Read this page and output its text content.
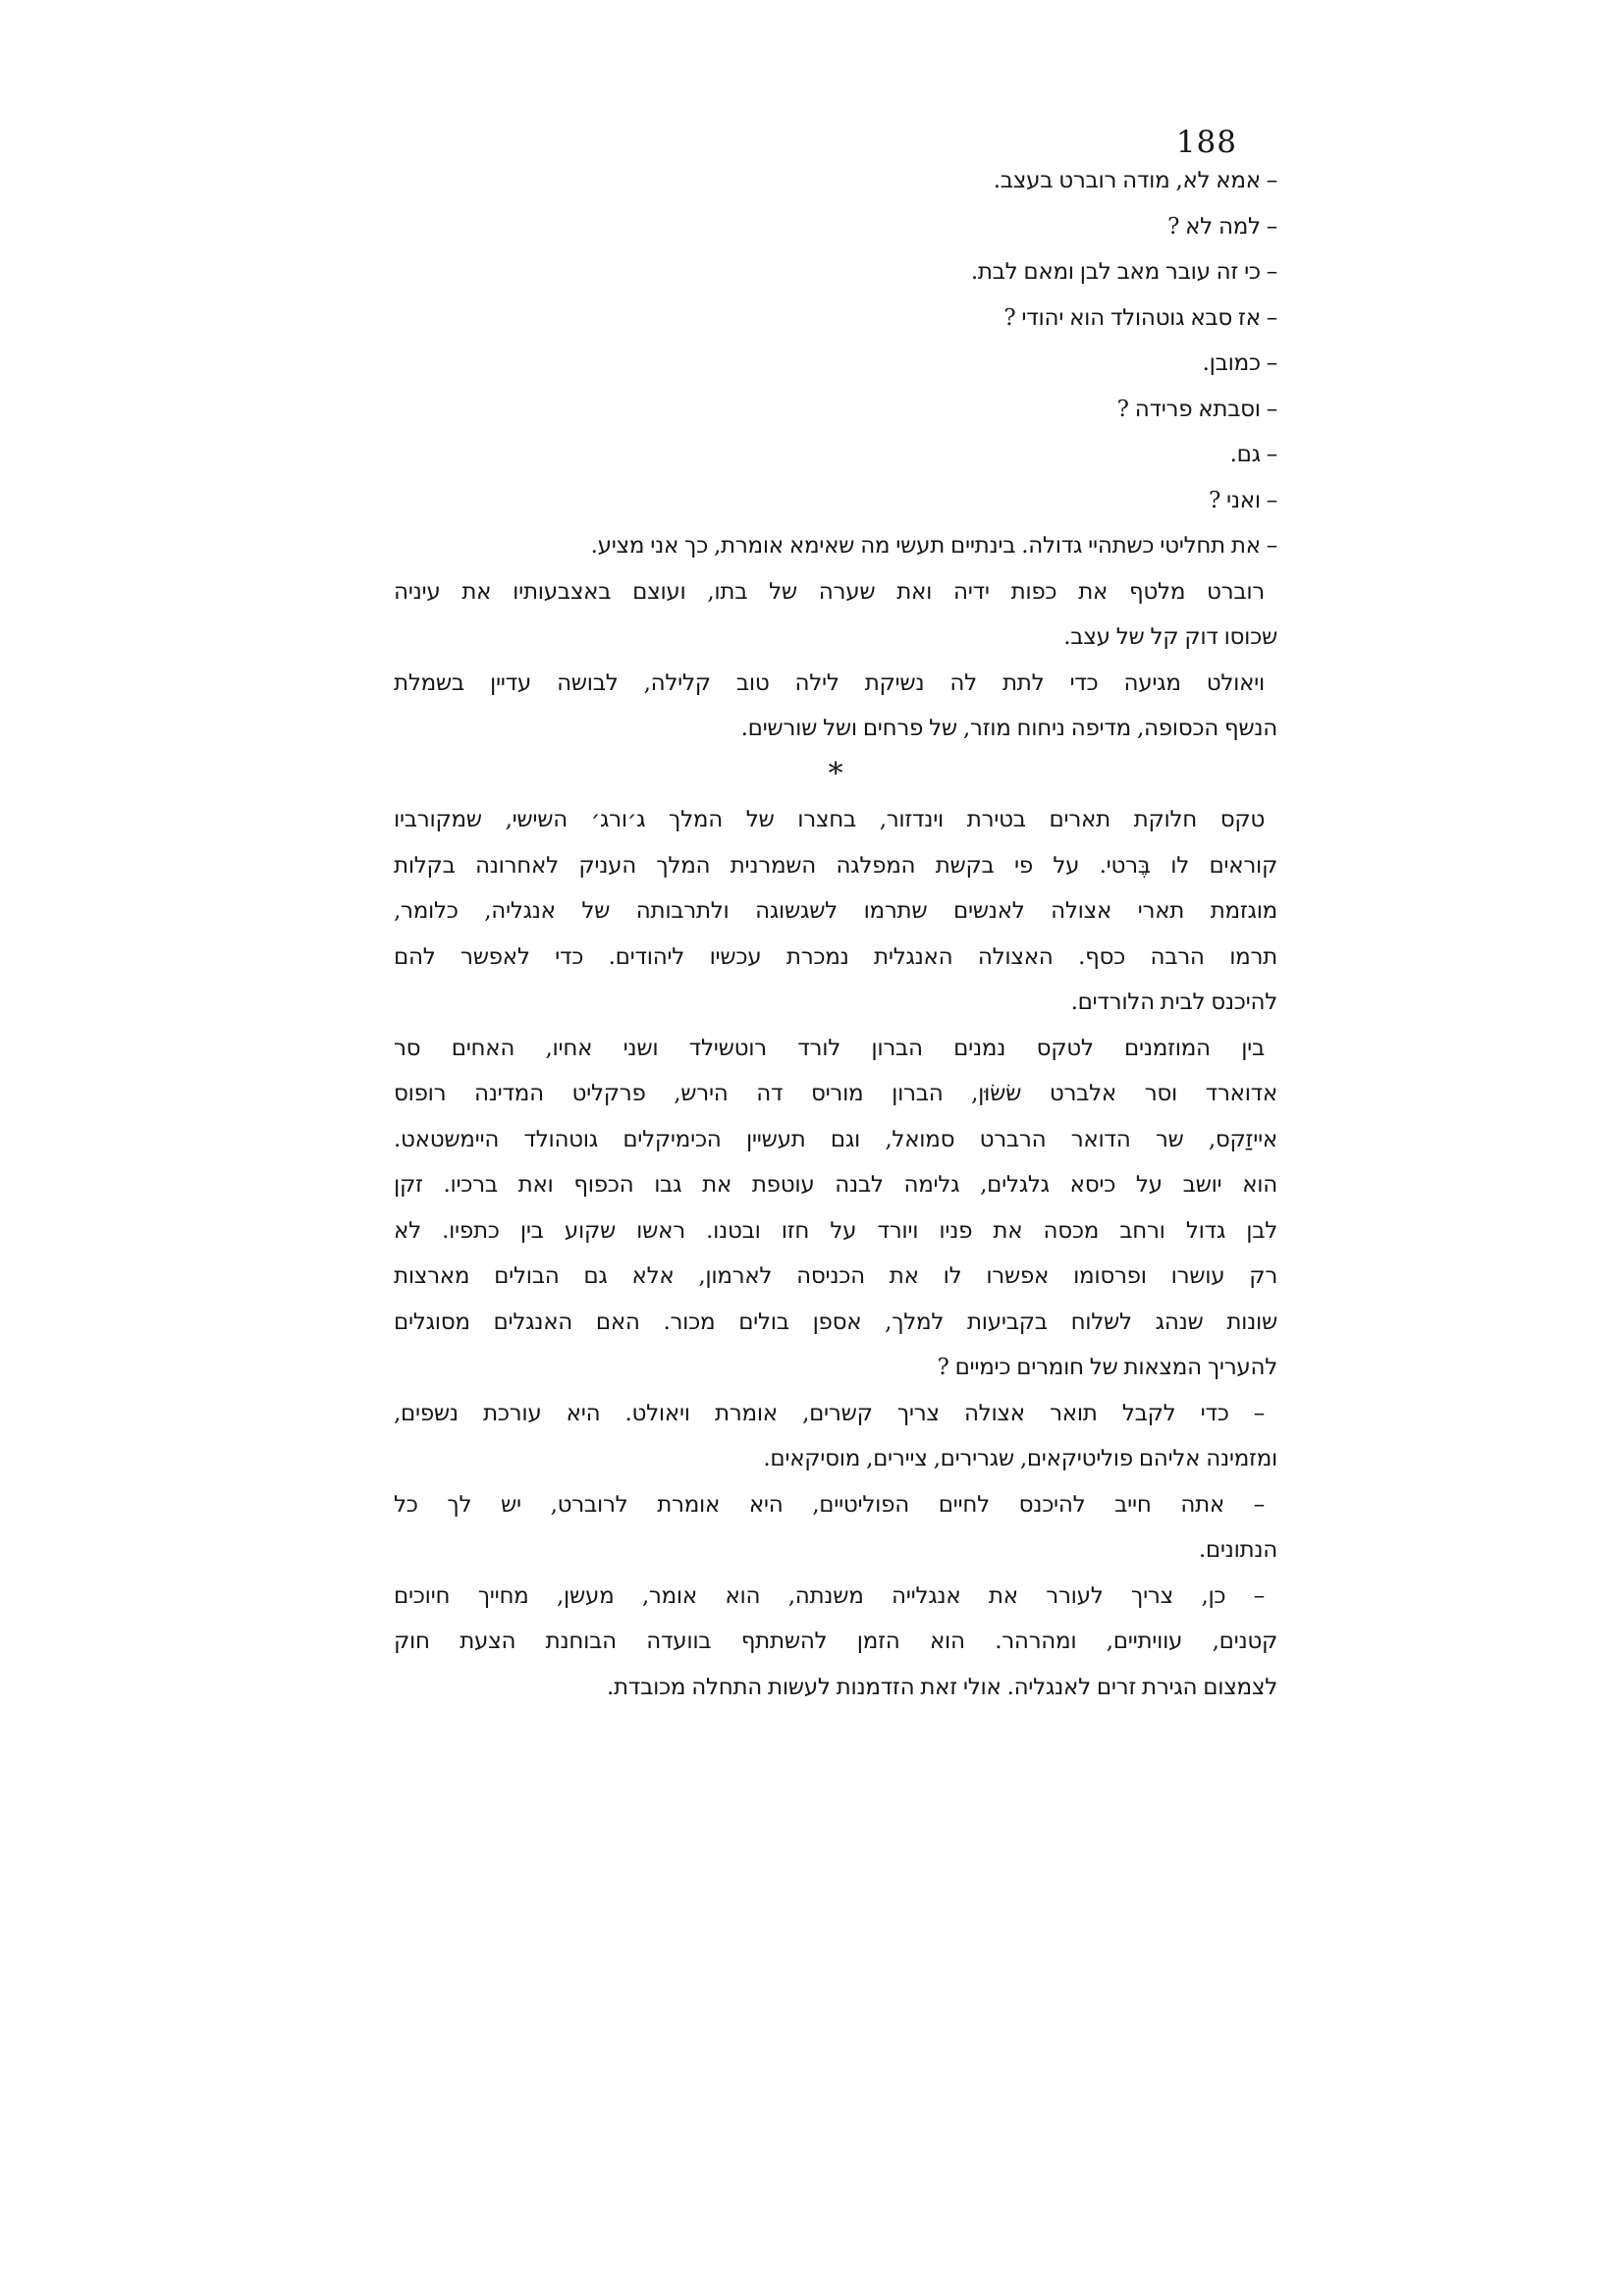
188
– אמא לא, מודה רוברט בעצב.
– למה לא ?
– כי זה עובר מאב לבן ומאם לבת.
– אז סבא גוטהולד הוא יהודי ?
– כמובן.
– וסבתא פרידה ?
– גם.
– ואני ?
– את תחליטי כשתהיי גדולה. בינתיים תעשי מה שאימא אומרת, כך אני מציע.
רוברט מלטף את כפות ידיה ואת שערה של בתו, ועוצם באצבעותיו את עיניה
שכוסו דוק קל של עצב.
ויאולט מגיעה כדי לתת לה נשיקת לילה טוב קלילה, לבושה עדיין בשמלת
הנשף הכסופה, מדיפה ניחוח מוזר, של פרחים ושל שורשים.
*
טקס חלוקת תארים בטירת וינדזור, בחצרו של המלך ג׳ורג׳ השישי, שמקורביו
קוראים לו בֶּרטי. על פי בקשת המפלגה השמרנית המלך העניק לאחרונה בקלות
מוגזמת תארי אצולה לאנשים שתרמו לשגשוגה ולתרבותה של אנגליה, כלומר,
תרמו הרבה כסף. האצולה האנגלית נמכרת עכשיו ליהודים. כדי לאפשר להם
להיכנס לבית הלורדים.
בין המוזמנים לטקס נמנים הברון לורד רוטשילד ושני אחיו, האחים סר
אדוארד וסר אלברט שׂשׂוּן, הברון מוריס דה הירש, פרקליט המדינה רופוס
אייזַקס, שר הדואר הרברט סמואל, וגם תעשיין הכימיקלים גוטהולד היימשטאט.
הוא יושב על כיסא גלגלים, גלימה לבנה עוטפת את גבו הכפוף ואת ברכיו. זקן
לבן גדול ורחב מכסה את פניו ויורד על חזו ובטנו. ראשו שקוע בין כתפיו. לא
רק עושרו ופרסומו אפשרו לו את הכניסה לארמון, אלא גם הבולים מארצות
שונות שנהג לשלוח בקביעות למלך, אספן בולים מכור. האם האנגלים מסוגלים
להעריך המצאות של חומרים כימיים ?
– כדי לקבל תואר אצולה צריך קשרים, אומרת ויאולט. היא עורכת נשפים,
ומזמינה אליהם פוליטיקאים, שגרירים, ציירים, מוסיקאים.
– אתה חייב להיכנס לחיים הפוליטיים, היא אומרת לרוברט, יש לך כל
הנתונים.
– כן, צריך לעורר את אנגלייה משנתה, הוא אומר, מעשן, מחייך חיוכים
קטנים, עוויתיים, ומהרהר. הוא הזמן להשתתף בוועדה הבוחנת הצעת חוק
לצמצום הגירת זרים לאנגליה. אולי זאת הזדמנות לעשות התחלה מכובדת.
